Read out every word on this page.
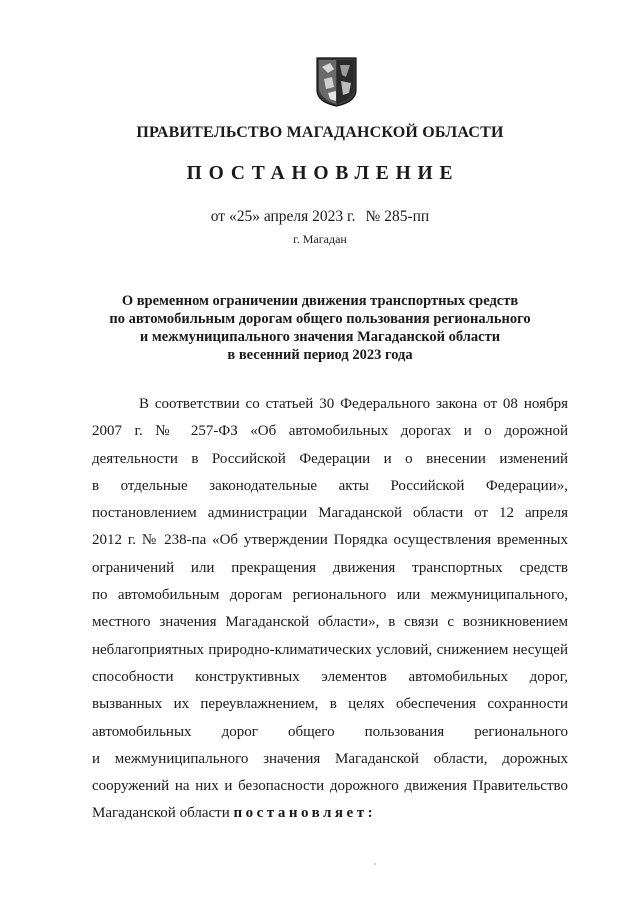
ПРАВИТЕЛЬСТВО МАГАДАНСКОЙ ОБЛАСТИ
ПОСТАНОВЛЕНИЕ
от «25» апреля 2023 г. № 285-пп
г. Магадан
О временном ограничении движения транспортных средств
по автомобильным дорогам общего пользования регионального
и межмуниципального значения Магаданской области
в весенний период 2023 года
В соответствии со статьей 30 Федерального закона от 08 ноября
2007 г. № 257-ФЗ «Об автомобильных дорогах и о дорожной
деятельности в Российской Федерации и о внесении изменений
в отдельные законодательные акты Российской Федерации»,
постановлением администрации Магаданской области от 12 апреля
2012 г. № 238-па «Об утверждении Порядка осуществления временных
ограничений или прекращения движения транспортных средств
по автомобильным дорогам регионального или межмуниципального,
местного значения Магаданской области», в связи с возникновением
неблагоприятных природно-климатических условий, снижением несущей
способности конструктивных элементов автомобильных дорог,
вызванных их переувлажнением, в целях обеспечения сохранности
автомобильных дорог общего пользования регионального
и межмуниципального значения Магаданской области, дорожных
сооружений на них и безопасности дорожного движения Правительство
Магаданской области постановляет:
